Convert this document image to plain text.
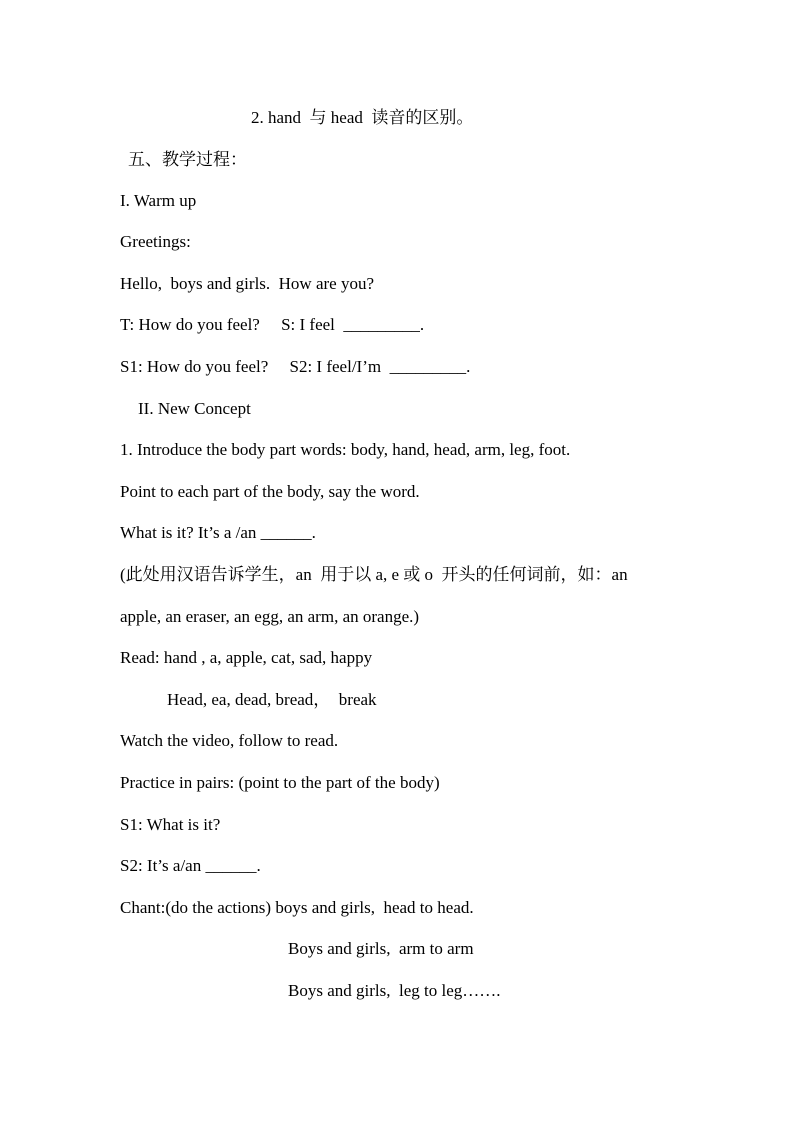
2. hand  与 head  读音的区别。
五、教学过程：
I. Warm up
Greetings:
Hello,  boys and girls.  How are you?
T: How do you feel?     S: I feel  _________.
S1: How do you feel?     S2: I feel/I’m  _________.
II. New Concept
1. Introduce the body part words: body, hand, head, arm, leg, foot.
Point to each part of the body, say the word.
What is it? It’s a /an ______.
(此处用汉语告诉学生，an  用于以 a, e 或 o  开头的任何词前，如：an
apple, an eraser, an egg, an arm, an orange.)
Read: hand , a, apple, cat, sad, happy
Head, ea, dead, bread，  break
Watch the video, follow to read.
Practice in pairs: (point to the part of the body)
S1: What is it?
S2: It’s a/an ______.
Chant:(do the actions) boys and girls,  head to head.
Boys and girls,  arm to arm
Boys and girls,  leg to leg…….
